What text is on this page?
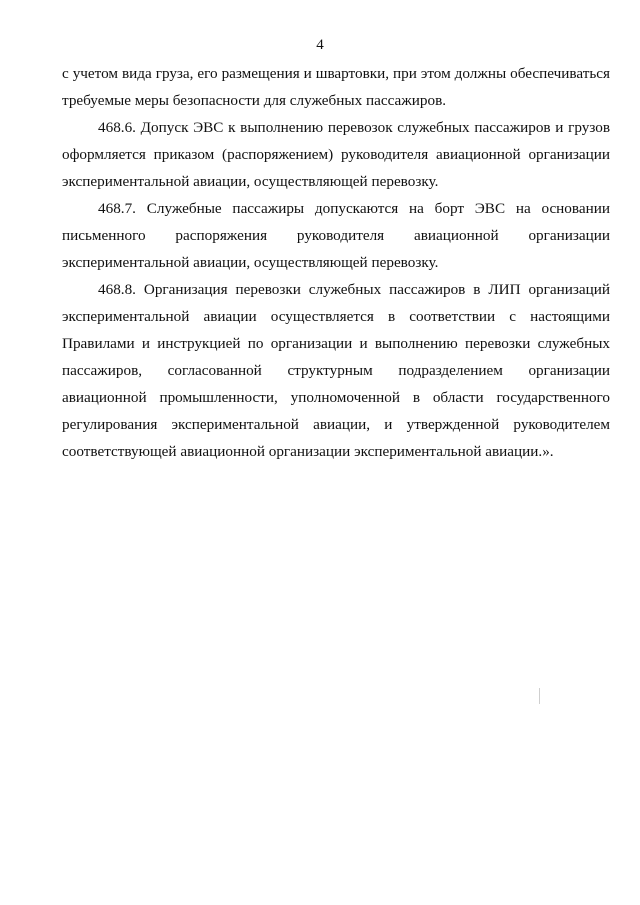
4

с учетом вида груза, его размещения и швартовки, при этом должны обеспечиваться требуемые меры безопасности для служебных пассажиров.

468.6. Допуск ЭВС к выполнению перевозок служебных пассажиров и грузов оформляется приказом (распоряжением) руководителя авиационной организации экспериментальной авиации, осуществляющей перевозку.

468.7. Служебные пассажиры допускаются на борт ЭВС на основании письменного распоряжения руководителя авиационной организации экспериментальной авиации, осуществляющей перевозку.

468.8. Организация перевозки служебных пассажиров в ЛИП организаций экспериментальной авиации осуществляется в соответствии с настоящими Правилами и инструкцией по организации и выполнению перевозки служебных пассажиров, согласованной структурным подразделением организации авиационной промышленности, уполномоченной в области государственного регулирования экспериментальной авиации, и утвержденной руководителем соответствующей авиационной организации экспериментальной авиации.».
